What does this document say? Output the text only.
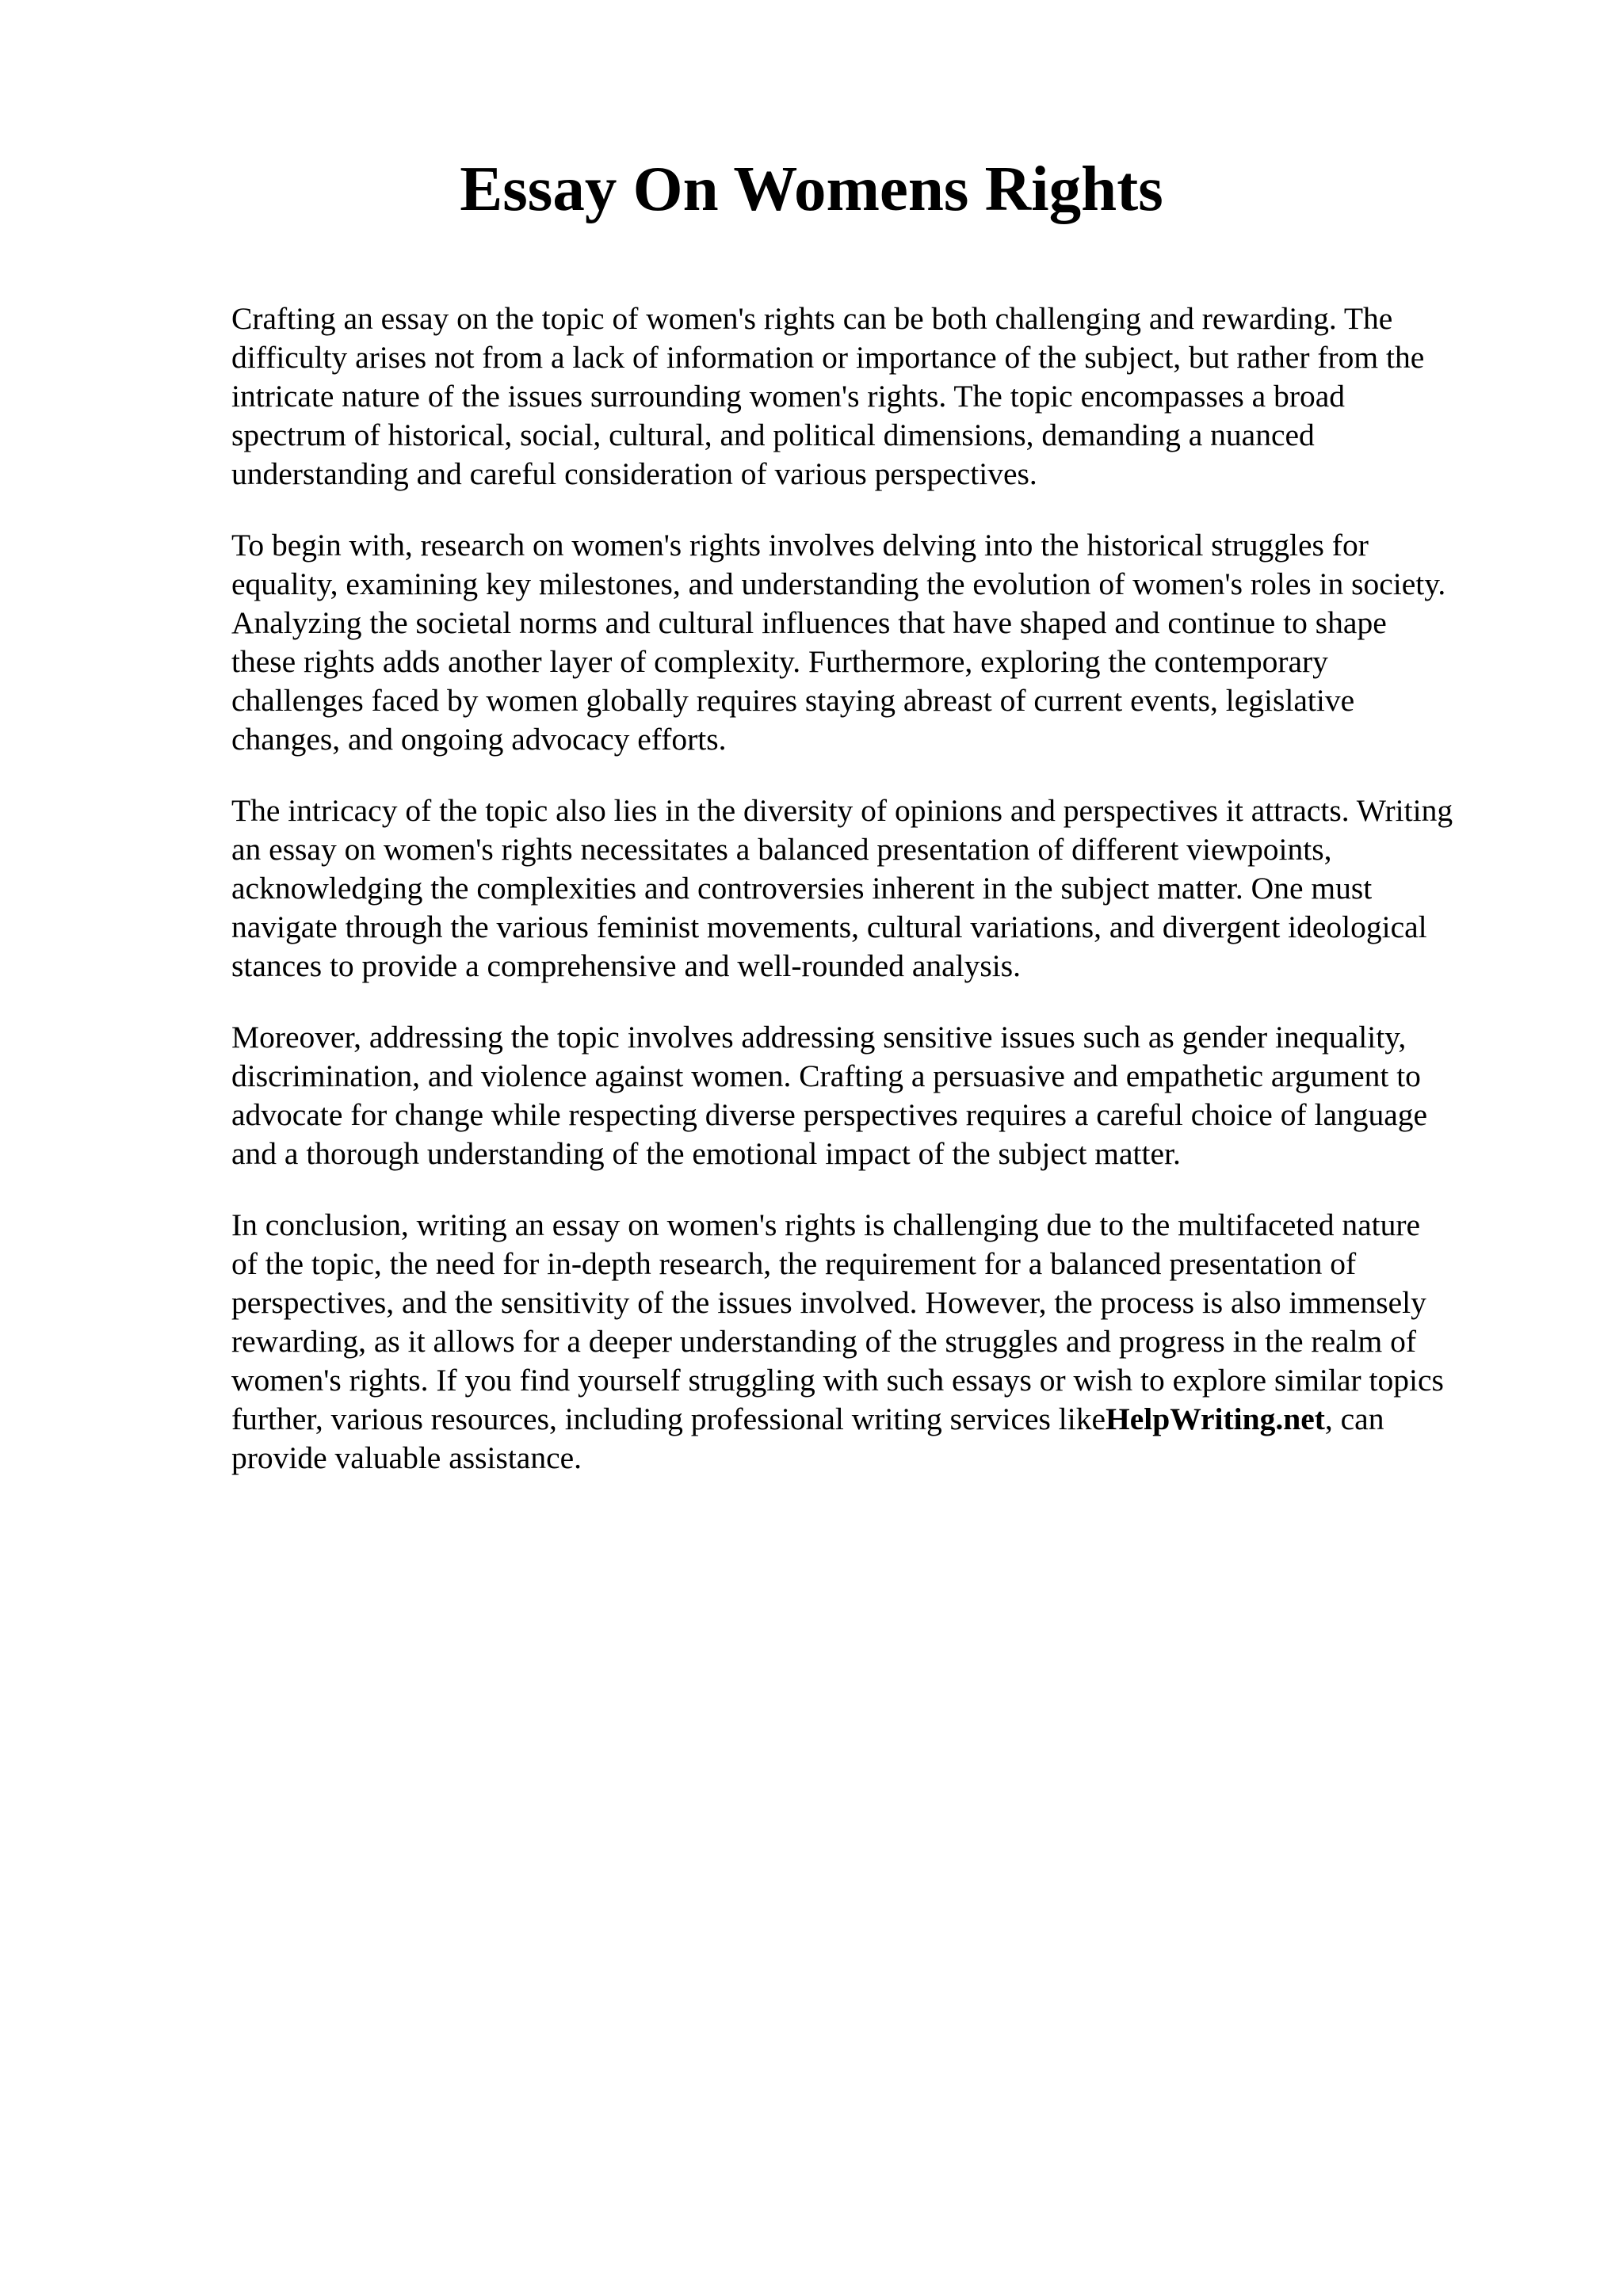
Essay On Womens Rights

Crafting an essay on the topic of women's rights can be both challenging and rewarding. The
difficulty arises not from a lack of information or importance of the subject, but rather from the
intricate nature of the issues surrounding women's rights. The topic encompasses a broad
spectrum of historical, social, cultural, and political dimensions, demanding a nuanced
understanding and careful consideration of various perspectives.

To begin with, research on women's rights involves delving into the historical struggles for
equality, examining key milestones, and understanding the evolution of women's roles in society.
Analyzing the societal norms and cultural influences that have shaped and continue to shape
these rights adds another layer of complexity. Furthermore, exploring the contemporary
challenges faced by women globally requires staying abreast of current events, legislative
changes, and ongoing advocacy efforts.

The intricacy of the topic also lies in the diversity of opinions and perspectives it attracts. Writing
an essay on women's rights necessitates a balanced presentation of different viewpoints,
acknowledging the complexities and controversies inherent in the subject matter. One must
navigate through the various feminist movements, cultural variations, and divergent ideological
stances to provide a comprehensive and well-rounded analysis.

Moreover, addressing the topic involves addressing sensitive issues such as gender inequality,
discrimination, and violence against women. Crafting a persuasive and empathetic argument to
advocate for change while respecting diverse perspectives requires a careful choice of language
and a thorough understanding of the emotional impact of the subject matter.

In conclusion, writing an essay on women's rights is challenging due to the multifaceted nature
of the topic, the need for in-depth research, the requirement for a balanced presentation of
perspectives, and the sensitivity of the issues involved. However, the process is also immensely
rewarding, as it allows for a deeper understanding of the struggles and progress in the realm of
women's rights. If you find yourself struggling with such essays or wish to explore similar topics
further, various resources, including professional writing services likeHelpWriting.net, can
provide valuable assistance.
